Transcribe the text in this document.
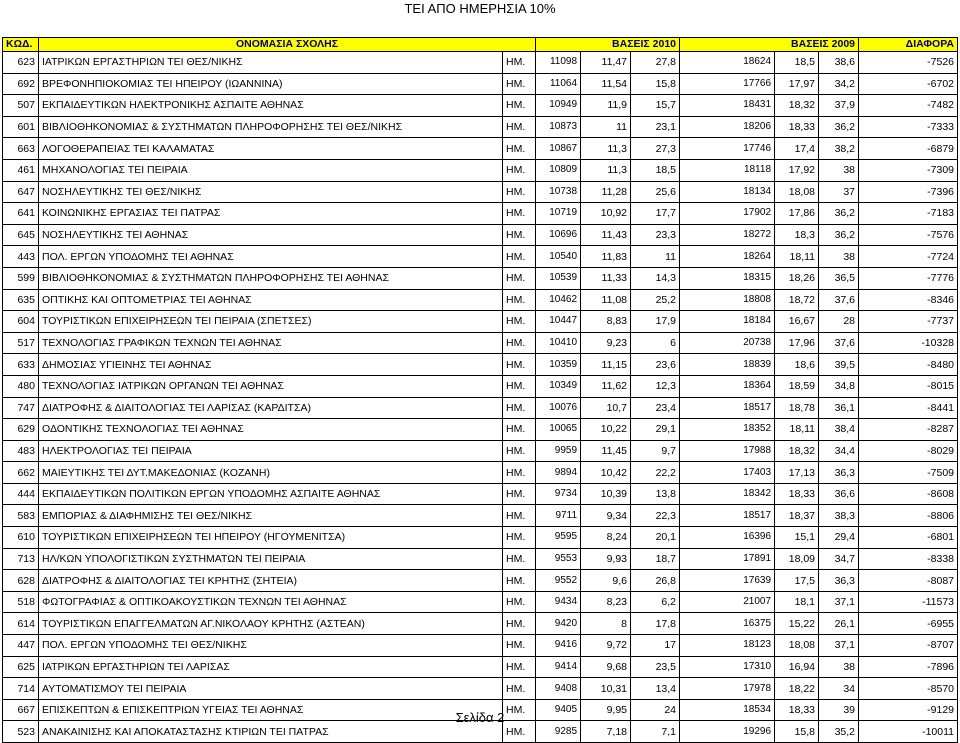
ΤΕΙ ΑΠΟ ΗΜΕΡΗΣΙΑ 10%
ΚΩΔ.	ΟΝΟΜΑΣΙΑ ΣΧΟΛΗΣ		ΒΑΣΕΙΣ 2010			ΒΑΣΕΙΣ 2009			ΔΙΑΦΟΡΑ
623	ΙΑΤΡΙΚΩΝ ΕΡΓΑΣΤΗΡΙΩΝ ΤΕΙ ΘΕΣ/ΝΙΚΗΣ	ΗΜ.	11098	11,47	27,8	18624	18,5	38,6	-7526
692	ΒΡΕΦΟΝΗΠΙΟΚΟΜΙΑΣ ΤΕΙ ΗΠΕΙΡΟΥ (ΙΩΑΝΝΙΝΑ)	ΗΜ.	11064	11,54	15,8	17766	17,97	34,2	-6702
507	ΕΚΠΑΙΔΕΥΤΙΚΩΝ ΗΛΕΚΤΡΟΝΙΚΗΣ ΑΣΠΑΙΤΕ ΑΘΗΝΑΣ	ΗΜ.	10949	11,9	15,7	18431	18,32	37,9	-7482
601	ΒΙΒΛΙΟΘΗΚΟΝΟΜΙΑΣ & ΣΥΣΤΗΜΑΤΩΝ ΠΛΗΡΟΦΟΡΗΣΗΣ ΤΕΙ ΘΕΣ/ΝΙΚΗΣ	ΗΜ.	10873	11	23,1	18206	18,33	36,2	-7333
663	ΛΟΓΟΘΕΡΑΠΕΙΑΣ ΤΕΙ ΚΑΛΑΜΑΤΑΣ	ΗΜ.	10867	11,3	27,3	17746	17,4	38,2	-6879
461	ΜΗΧΑΝΟΛΟΓΙΑΣ ΤΕΙ ΠΕΙΡΑΙΑ	ΗΜ.	10809	11,3	18,5	18118	17,92	38	-7309
647	ΝΟΣΗΛΕΥΤΙΚΗΣ ΤΕΙ ΘΕΣ/ΝΙΚΗΣ	ΗΜ.	10738	11,28	25,6	18134	18,08	37	-7396
641	ΚΟΙΝΩΝΙΚΗΣ ΕΡΓΑΣΙΑΣ ΤΕΙ ΠΑΤΡΑΣ	ΗΜ.	10719	10,92	17,7	17902	17,86	36,2	-7183
645	ΝΟΣΗΛΕΥΤΙΚΗΣ ΤΕΙ ΑΘΗΝΑΣ	ΗΜ.	10696	11,43	23,3	18272	18,3	36,2	-7576
443	ΠΟΛ. ΕΡΓΩΝ ΥΠΟΔΟΜΗΣ ΤΕΙ ΑΘΗΝΑΣ	ΗΜ.	10540	11,83	11	18264	18,11	38	-7724
599	ΒΙΒΛΙΟΘΗΚΟΝΟΜΙΑΣ & ΣΥΣΤΗΜΑΤΩΝ ΠΛΗΡΟΦΟΡΗΣΗΣ ΤΕΙ ΑΘΗΝΑΣ	ΗΜ.	10539	11,33	14,3	18315	18,26	36,5	-7776
635	ΟΠΤΙΚΗΣ ΚΑΙ ΟΠΤΟΜΕΤΡΙΑΣ ΤΕΙ ΑΘΗΝΑΣ	ΗΜ.	10462	11,08	25,2	18808	18,72	37,6	-8346
604	ΤΟΥΡΙΣΤΙΚΩΝ ΕΠΙΧΕΙΡΗΣΕΩΝ ΤΕΙ ΠΕΙΡΑΙΑ (ΣΠΕΤΣΕΣ)	ΗΜ.	10447	8,83	17,9	18184	16,67	28	-7737
517	ΤΕΧΝΟΛΟΓΙΑΣ ΓΡΑΦΙΚΩΝ ΤΕΧΝΩΝ ΤΕΙ ΑΘΗΝΑΣ	ΗΜ.	10410	9,23	6	20738	17,96	37,6	-10328
633	ΔΗΜΟΣΙΑΣ ΥΓΙΕΙΝΗΣ ΤΕΙ ΑΘΗΝΑΣ	ΗΜ.	10359	11,15	23,6	18839	18,6	39,5	-8480
480	ΤΕΧΝΟΛΟΓΙΑΣ ΙΑΤΡΙΚΩΝ ΟΡΓΑΝΩΝ ΤΕΙ ΑΘΗΝΑΣ	ΗΜ.	10349	11,62	12,3	18364	18,59	34,8	-8015
747	ΔΙΑΤΡΟΦΗΣ & ΔΙΑΙΤΟΛΟΓΙΑΣ ΤΕΙ ΛΑΡΙΣΑΣ (ΚΑΡΔΙΤΣΑ)	ΗΜ.	10076	10,7	23,4	18517	18,78	36,1	-8441
629	ΟΔΟΝΤΙΚΗΣ ΤΕΧΝΟΛΟΓΙΑΣ ΤΕΙ ΑΘΗΝΑΣ	ΗΜ.	10065	10,22	29,1	18352	18,11	38,4	-8287
483	ΗΛΕΚΤΡΟΛΟΓΙΑΣ ΤΕΙ ΠΕΙΡΑΙΑ	ΗΜ.	9959	11,45	9,7	17988	18,32	34,4	-8029
662	ΜΑΙΕΥΤΙΚΗΣ ΤΕΙ ΔΥΤ.ΜΑΚΕΔΟΝΙΑΣ (ΚΟΖΑΝΗ)	ΗΜ.	9894	10,42	22,2	17403	17,13	36,3	-7509
444	ΕΚΠΑΙΔΕΥΤΙΚΩΝ ΠΟΛΙΤΙΚΩΝ ΕΡΓΩΝ ΥΠΟΔΟΜΗΣ ΑΣΠΑΙΤΕ ΑΘΗΝΑΣ	ΗΜ.	9734	10,39	13,8	18342	18,33	36,6	-8608
583	ΕΜΠΟΡΙΑΣ & ΔΙΑΦΗΜΙΣΗΣ ΤΕΙ ΘΕΣ/ΝΙΚΗΣ	ΗΜ.	9711	9,34	22,3	18517	18,37	38,3	-8806
610	ΤΟΥΡΙΣΤΙΚΩΝ ΕΠΙΧΕΙΡΗΣΕΩΝ ΤΕΙ ΗΠΕΙΡΟΥ (ΗΓΟΥΜΕΝΙΤΣΑ)	ΗΜ.	9595	8,24	20,1	16396	15,1	29,4	-6801
713	ΗΛ/ΚΩΝ ΥΠΟΛΟΓΙΣΤΙΚΩΝ ΣΥΣΤΗΜΑΤΩΝ ΤΕΙ ΠΕΙΡΑΙΑ	ΗΜ.	9553	9,93	18,7	17891	18,09	34,7	-8338
628	ΔΙΑΤΡΟΦΗΣ & ΔΙΑΙΤΟΛΟΓΙΑΣ ΤΕΙ ΚΡΗΤΗΣ (ΣΗΤΕΙΑ)	ΗΜ.	9552	9,6	26,8	17639	17,5	36,3	-8087
518	ΦΩΤΟΓΡΑΦΙΑΣ & ΟΠΤΙΚΟΑΚΟΥΣΤΙΚΩΝ ΤΕΧΝΩΝ ΤΕΙ ΑΘΗΝΑΣ	ΗΜ.	9434	8,23	6,2	21007	18,1	37,1	-11573
614	ΤΟΥΡΙΣΤΙΚΩΝ ΕΠΑΓΓΕΛΜΑΤΩΝ ΑΓ.ΝΙΚΟΛΑΟΥ ΚΡΗΤΗΣ (ΑΣΤΕΑΝ)	ΗΜ.	9420	8	17,8	16375	15,22	26,1	-6955
447	ΠΟΛ. ΕΡΓΩΝ ΥΠΟΔΟΜΗΣ ΤΕΙ ΘΕΣ/ΝΙΚΗΣ	ΗΜ.	9416	9,72	17	18123	18,08	37,1	-8707
625	ΙΑΤΡΙΚΩΝ ΕΡΓΑΣΤΗΡΙΩΝ ΤΕΙ ΛΑΡΙΣΑΣ	ΗΜ.	9414	9,68	23,5	17310	16,94	38	-7896
714	ΑΥΤΟΜΑΤΙΣΜΟΥ ΤΕΙ ΠΕΙΡΑΙΑ	ΗΜ.	9408	10,31	13,4	17978	18,22	34	-8570
667	ΕΠΙΣΚΕΠΤΩΝ & ΕΠΙΣΚΕΠΤΡΙΩΝ ΥΓΕΙΑΣ ΤΕΙ ΑΘΗΝΑΣ	ΗΜ.	9405	9,95	24	18534	18,33	39	-9129
523	ΑΝΑΚΑΙΝΙΣΗΣ ΚΑΙ ΑΠΟΚΑΤΑΣΤΑΣΗΣ ΚΤΙΡΙΩΝ ΤΕΙ ΠΑΤΡΑΣ	ΗΜ.	9285	7,18	7,1	19296	15,8	35,2	-10011
Σελίδα 2
